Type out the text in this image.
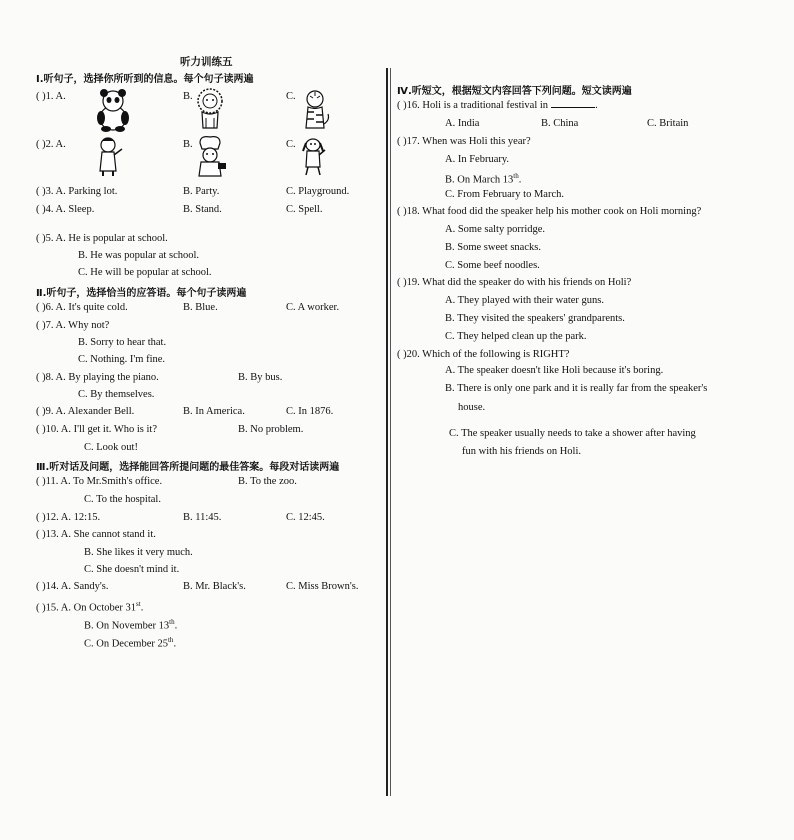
听力训练五
Ⅰ.听句子，选择你所听到的信息。每个句子读两遍
( )1. A.	B.	C.
( )2. A.	B.	C.
( )3. A. Parking lot.	B. Party.	C. Playground.
( )4. A. Sleep.	B. Stand.	C. Spell.
( )5. A. He is popular at school.
B. He was popular at school.
C. He will be popular at school.
Ⅱ.听句子，选择恰当的应答语。每个句子读两遍
( )6. A. It's quite cold.	B. Blue.	C. A worker.
( )7. A. Why not?
B. Sorry to hear that.
C. Nothing. I'm fine.
( )8. A. By playing the piano.	B. By bus.
C. By themselves.
( )9. A. Alexander Bell.	B. In America.	C. In 1876.
( )10. A. I'll get it. Who is it?	B. No problem.
C. Look out!
Ⅲ.听对话及问题，选择能回答所提问题的最佳答案。每段对话读两遍
( )11. A. To Mr.Smith's office.	B. To the zoo.
C. To the hospital.
( )12. A. 12:15.	B. 11:45.	C. 12:45.
( )13. A. She cannot stand it.
B. She likes it very much.
C. She doesn't mind it.
( )14. A. Sandy's.	B. Mr. Black's.	C. Miss Brown's.
( )15. A. On October 31st.
B. On November 13th.
C. On December 25th.
Ⅳ.听短文，根据短文内容回答下列问题。短文读两遍
( )16. Holi is a traditional festival in	.
A. India	B. China	C. Britain
( )17. When was Holi this year?
A. In February.
B. On March 13th.
C. From February to March.
( )18. What food did the speaker help his mother cook on Holi morning?
A. Some salty porridge.
B. Some sweet snacks.
C. Some beef noodles.
( )19. What did the speaker do with his friends on Holi?
A. They played with their water guns.
B. They visited the speakers' grandparents.
C. They helped clean up the park.
( )20. Which of the following is RIGHT?
A. The speaker doesn't like Holi because it's boring.
B. There is only one park and it is really far from the speaker's
house.
C. The speaker usually needs to take a shower after having
fun with his friends on Holi.
